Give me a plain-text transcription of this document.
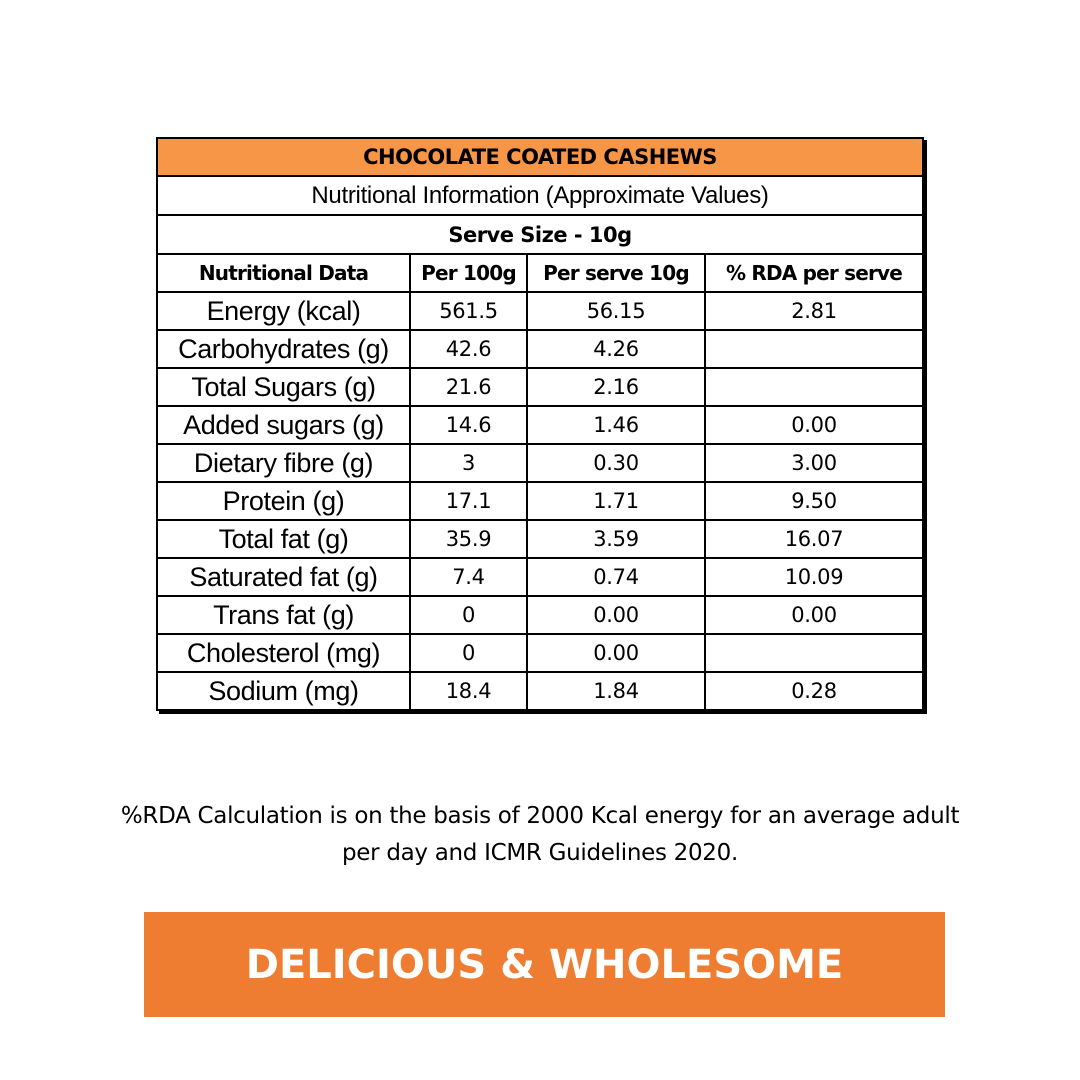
CHOCOLATE COATED CASHEWS			
Nutritional Information (Approximate Values)			
Serve Size - 10g			
Nutritional Data	Per 100g	Per serve 10g	% RDA per serve
Energy (kcal)	561.5	56.15	2.81
Carbohydrates (g)	42.6	4.26	
Total Sugars (g)	21.6	2.16	
Added sugars (g)	14.6	1.46	0.00
Dietary fibre (g)	3	0.30	3.00
Protein (g)	17.1	1.71	9.50
Total fat (g)	35.9	3.59	16.07
Saturated fat (g)	7.4	0.74	10.09
Trans fat (g)	0	0.00	0.00
Cholesterol (mg)	0	0.00	
Sodium (mg)	18.4	1.84	0.28
%RDA Calculation is on the basis of 2000 Kcal energy for an average adult
per day and ICMR Guidelines 2020.
DELICIOUS & WHOLESOME
